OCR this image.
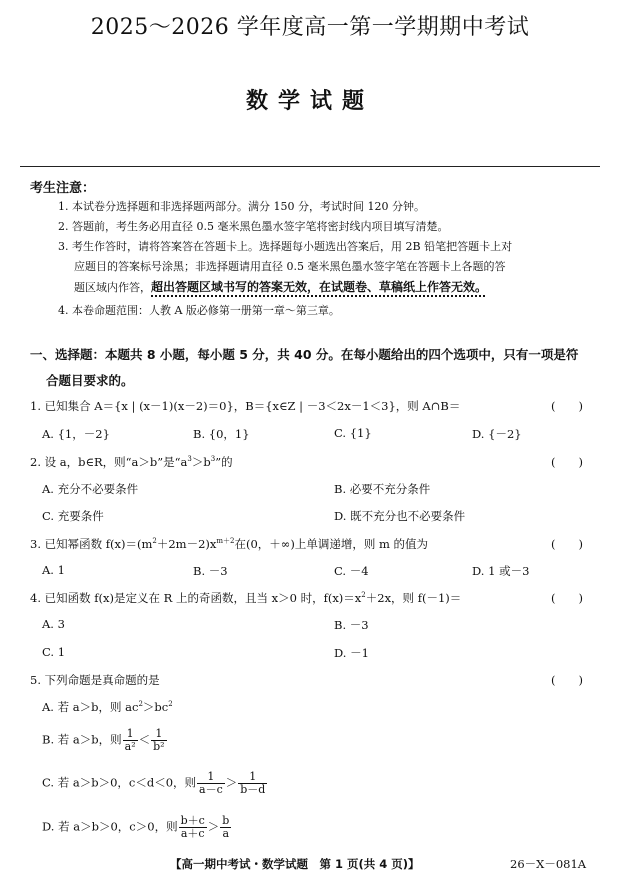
2025～2026 学年度高一第一学期期中考试
数学试题
考生注意：
1. 本试卷分选择题和非选择题两部分。满分 150 分，考试时间 120 分钟。
2. 答题前，考生务必用直径 0.5 毫米黑色墨水签字笔将密封线内项目填写清楚。
3. 考生作答时，请将答案答在答题卡上。选择题每小题选出答案后，用 2B 铅笔把答题卡上对
应题目的答案标号涂黑；非选择题请用直径 0.5 毫米黑色墨水签字笔在答题卡上各题的答
题区域内作答，超出答题区域书写的答案无效，在试题卷、草稿纸上作答无效。
4. 本卷命题范围：人教 A 版必修第一册第一章～第三章。
一、选择题：本题共 8 小题，每小题 5 分，共 40 分。在每小题给出的四个选项中，只有一项是符
合题目要求的。
1. 已知集合 A＝{x | (x－1)(x－2)＝0}，B＝{x∈Z | －3＜2x－1＜3}，则 A∩B＝	(　　)
A. {1，－2}	B. {0，1}	C. {1}	D. {－2}
2. 设 a，b∈R，则“a＞b”是“$a^3>b^3$”的	(　　)
A. 充分不必要条件	B. 必要不充分条件
C. 充要条件	D. 既不充分也不必要条件
3. 已知幂函数 $f(x)=(m^2+2m-2)x^{m+2}$在(0，＋∞)上单调递增，则 m 的值为	(　　)
A. 1	B. －3	C. －4	D. 1 或－3
4. 已知函数 f(x)是定义在 R 上的奇函数，且当 x＞0 时，$f(x)=x^2+2x$，则 f(－1)＝	(　　)
A. 3	B. －3
C. 1	D. －1
5. 下列命题是真命题的是	(　　)
A. 若 a＞b，则 $ac^2>bc^2$
B. 若 a＞b，则 $\frac{1}{\text{a²}} < \frac{1}{\text{b²}}$
C. 若 a＞b＞0，c＜d＜0，则 $\frac{1}{a-c} > \frac{1}{b-d}$
D. 若 a＞b＞0，c＞0，则 $\frac{b+c}{a+c} > \frac{b}{a}$
【高一期中考试・数学试题　第 1 页(共 4 页)】	26－X－081A
